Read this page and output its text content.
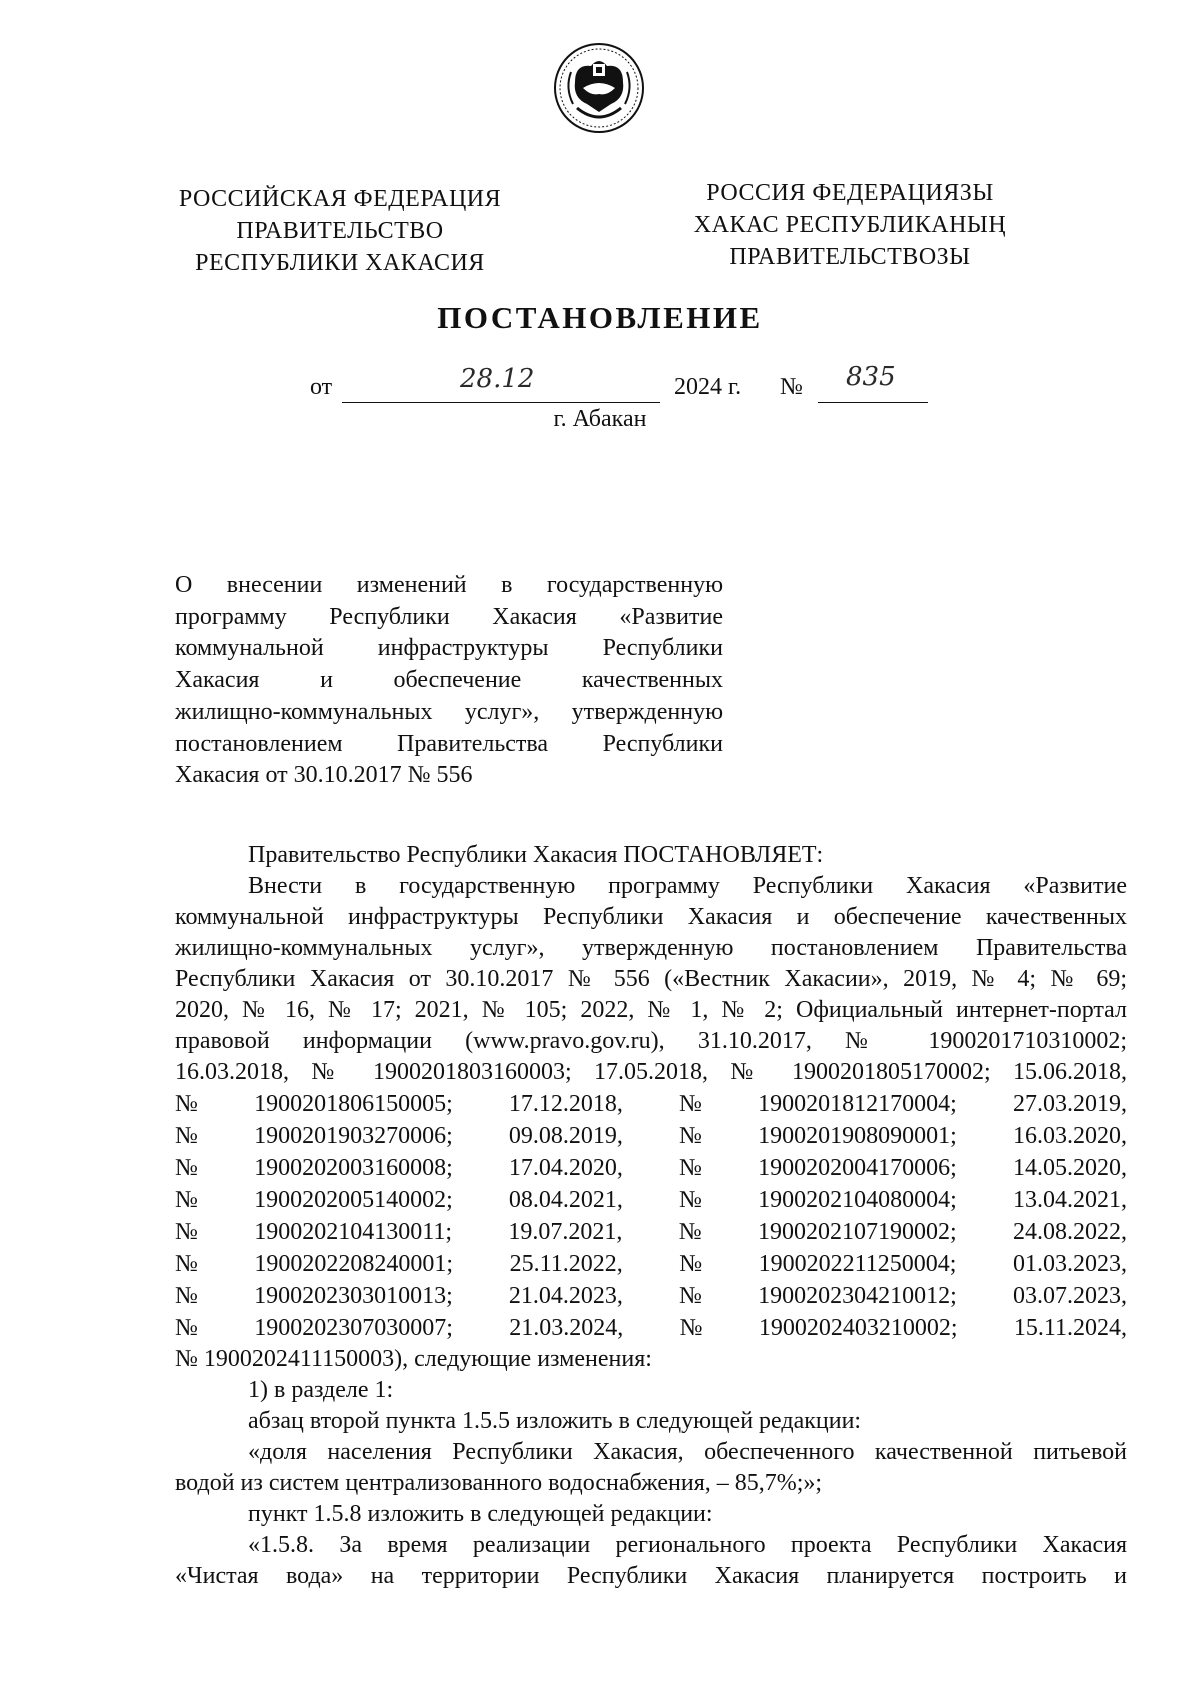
РОССИЙСКАЯ ФЕДЕРАЦИЯ
ПРАВИТЕЛЬСТВО
РЕСПУБЛИКИ ХАКАСИЯ
РОССИЯ ФЕДЕРАЦИЯЗЫ
ХАКАС РЕСПУБЛИКАНЫҢ
ПРАВИТЕЛЬСТВОЗЫ
ПОСТАНОВЛЕНИЕ
от	28.12	2024 г. № 835
г. Абакан
О внесении изменений в государственную
программу Республики Хакасия «Развитие
коммунальной инфраструктуры Республики
Хакасия и обеспечение качественных
жилищно-коммунальных услуг», утвержденную
постановлением Правительства Республики
Хакасия от 30.10.2017 № 556
Правительство Республики Хакасия ПОСТАНОВЛЯЕТ:
Внести в государственную программу Республики Хакасия «Развитие
коммунальной инфраструктуры Республики Хакасия и обеспечение качественных
жилищно-коммунальных услуг», утвержденную постановлением Правительства
Республики Хакасия от 30.10.2017 № 556 («Вестник Хакасии», 2019, № 4; № 69;
2020, № 16, № 17; 2021, № 105; 2022, № 1, № 2; Официальный интернет-портал
правовой информации (www.pravo.gov.ru), 31.10.2017, № 1900201710310002;
16.03.2018, № 1900201803160003; 17.05.2018, № 1900201805170002; 15.06.2018,
№ 1900201806150005; 17.12.2018, № 1900201812170004; 27.03.2019,
№ 1900201903270006; 09.08.2019, № 1900201908090001; 16.03.2020,
№ 1900202003160008; 17.04.2020, № 1900202004170006; 14.05.2020,
№ 1900202005140002; 08.04.2021, № 1900202104080004; 13.04.2021,
№ 1900202104130011; 19.07.2021, № 1900202107190002; 24.08.2022,
№ 1900202208240001; 25.11.2022, № 1900202211250004; 01.03.2023,
№ 1900202303010013; 21.04.2023, № 1900202304210012; 03.07.2023,
№ 1900202307030007; 21.03.2024, № 1900202403210002; 15.11.2024,
№ 1900202411150003), следующие изменения:
1) в разделе 1:
абзац второй пункта 1.5.5 изложить в следующей редакции:
«доля населения Республики Хакасия, обеспеченного качественной питьевой
водой из систем централизованного водоснабжения, – 85,7%;»;
пункт 1.5.8 изложить в следующей редакции:
«1.5.8. За время реализации регионального проекта Республики Хакасия
«Чистая вода» на территории Республики Хакасия планируется построить и
